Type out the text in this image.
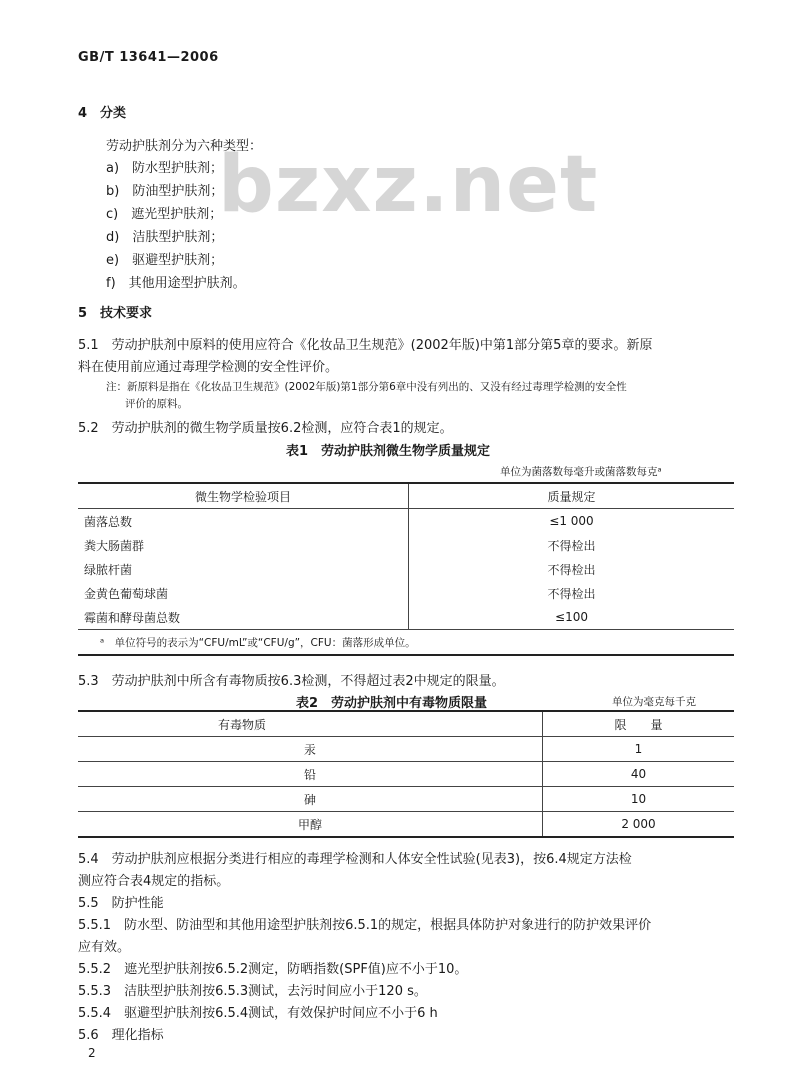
GB/T 13641—2006
bzxz.net
4　分类
劳动护肤剂分为六种类型：
a)　防水型护肤剂；
b)　防油型护肤剂；
c)　遮光型护肤剂；
d)　洁肤型护肤剂；
e)　驱避型护肤剂；
f)　其他用途型护肤剂。
5　技术要求
5.1　劳动护肤剂中原料的使用应符合《化妆品卫生规范》(2002年版)中第1部分第5章的要求。新原
料在使用前应通过毒理学检测的安全性评价。
注：新原料是指在《化妆品卫生规范》(2002年版)第1部分第6章中没有列出的、又没有经过毒理学检测的安全性
评价的原料。
5.2　劳动护肤剂的微生物学质量按6.2检测，应符合表1的规定。
表1　劳动护肤剂微生物学质量规定
单位为菌落数每毫升或菌落数每克ᵃ
微生物学检验项目	质量规定
菌落总数	≤1 000
粪大肠菌群	不得检出
绿脓杆菌	不得检出
金黄色葡萄球菌	不得检出
霉菌和酵母菌总数	≤100
ᵃ　单位符号的表示为“CFU/mL”或“CFU/g”，CFU：菌落形成单位。	
5.3　劳动护肤剂中所含有毒物质按6.3检测，不得超过表2中规定的限量。
表2　劳动护肤剂中有毒物质限量	单位为毫克每千克
有毒物质	限　　量
汞	1
铅	40
砷	10
甲醇	2 000
5.4　劳动护肤剂应根据分类进行相应的毒理学检测和人体安全性试验(见表3)，按6.4规定方法检
测应符合表4规定的指标。
5.5　防护性能
5.5.1　防水型、防油型和其他用途型护肤剂按6.5.1的规定，根据具体防护对象进行的防护效果评价
应有效。
5.5.2　遮光型护肤剂按6.5.2测定，防晒指数(SPF值)应不小于10。
5.5.3　洁肤型护肤剂按6.5.3测试，去污时间应小于120 s。
5.5.4　驱避型护肤剂按6.5.4测试，有效保护时间应不小于6 h
5.6　理化指标
2
